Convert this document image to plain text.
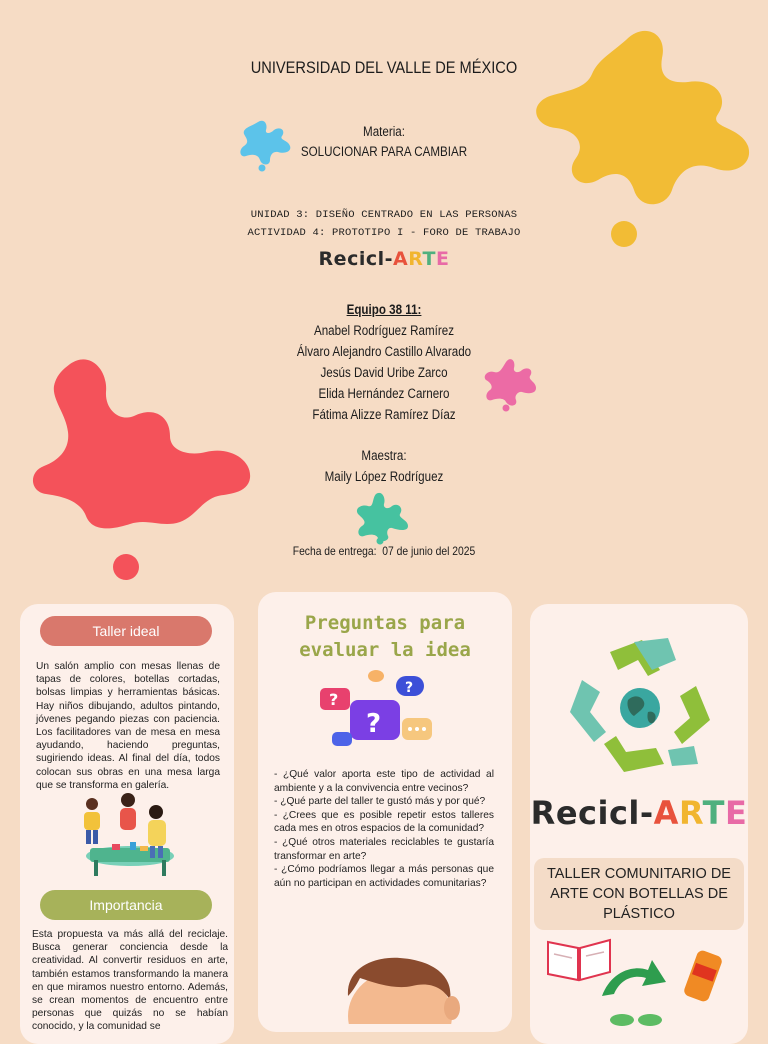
UNIVERSIDAD DEL VALLE DE MÉXICO
Materia:
SOLUCIONAR PARA CAMBIAR
UNIDAD 3: DISEÑO CENTRADO EN LAS PERSONAS
ACTIVIDAD 4: PROTOTIPO I - FORO DE TRABAJO
Recicl-ARTE
Equipo 38 11:
Anabel Rodríguez Ramírez
Álvaro Alejandro Castillo Alvarado
Jesús David Uribe Zarco
Elida Hernández Carnero
Fátima Alizze Ramírez Díaz
Maestra:
Maily López Rodríguez
Fecha de entrega: 07 de junio del 2025
Taller ideal
Un salón amplio con mesas llenas de tapas de colores, botellas cortadas, bolsas limpias y herramientas básicas. Hay niños dibujando, adultos pintando, jóvenes pegando piezas con paciencia. Los facilitadores van de mesa en mesa ayudando, haciendo preguntas, sugiriendo ideas. Al final del día, todos colocan sus obras en una mesa larga que se transforma en galería.
Importancia
Esta propuesta va más allá del reciclaje. Busca generar conciencia desde la creatividad. Al convertir residuos en arte, también estamos transformando la manera en que miramos nuestro entorno. Además, se crean momentos de encuentro entre personas que quizás no se habían conocido, y la comunidad se
Preguntas para evaluar la idea
?
?
?
- ¿Qué valor aporta este tipo de actividad al ambiente y a la convivencia entre vecinos?
- ¿Qué parte del taller te gustó más y por qué?
- ¿Crees que es posible repetir estos talleres cada mes en otros espacios de la comunidad?
- ¿Qué otros materiales reciclables te gustaría transformar en arte?
- ¿Cómo podríamos llegar a más personas que aún no participan en actividades comunitarias?
Recicl-ARTE
TALLER COMUNITARIO DE ARTE CON BOTELLAS DE PLÁSTICO
